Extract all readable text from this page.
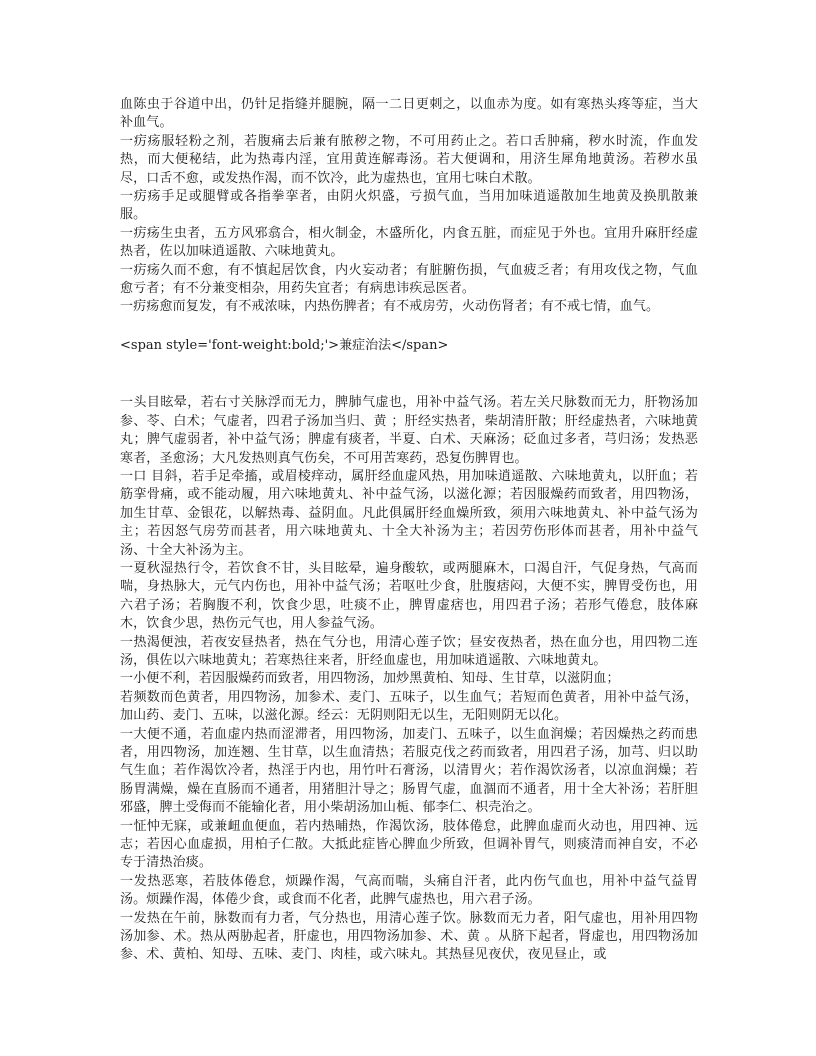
血陈虫于谷道中出，仍针足指缝并腿腕，隔一二日更刺之，以血赤为度。如有寒热头疼等症，当大补血气。

一疠疡服轻粉之剂，若腹痛去后兼有脓秽之物，不可用药止之。若口舌肿痛，秽水时流，作血发热，而大便秘结，此为热毒内淫，宜用黄连解毒汤。若大便调和，用济生犀角地黄汤。若秽水虽尽，口舌不愈，或发热作渴，而不饮冷，此为虚热也，宜用七味白术散。

一疠疡手足或腿臂或各指拳挛者，由阴火炽盛，亏损气血，当用加味逍遥散加生地黄及换肌散兼服。

一疠疡生虫者，五方风邪翕合，相火制金，木盛所化，内食五脏，而症见于外也。宜用升麻肝经虚热者，佐以加味逍遥散、六味地黄丸。

一疠疡久而不愈，有不慎起居饮食，内火妄动者；有脏腑伤损，气血疲乏者；有用攻伐之物，气血愈亏者；有不分兼变相杂，用药失宜者；有病患讳疾忌医者。

一疠疡愈而复发，有不戒浓味，内热伤脾者；有不戒房劳，火动伤肾者；有不戒七情，血气。

<span style='font-weight:bold;'>兼症治法</span>

一头目眩晕，若右寸关脉浮而无力，脾肺气虚也，用补中益气汤。若左关尺脉数而无力，肝物汤加参、苓、白术；气虚者，四君子汤加当归、黄 ；肝经实热者，柴胡清肝散；肝经虚热者，六味地黄丸；脾气虚弱者，补中益气汤；脾虚有痰者，半夏、白术、天麻汤；砭血过多者，芎归汤；发热恶寒者，圣愈汤；大凡发热则真气伤矣，不可用苦寒药，恐复伤脾胃也。

一口 目斜，若手足牵搐，或眉棱痒动，属肝经血虚风热，用加味逍遥散、六味地黄丸，以肝血；若筋挛骨痛，或不能动履，用六味地黄丸、补中益气汤，以滋化源；若因服燥药而致者，用四物汤，加生甘草、金银花，以解热毒、益阴血。凡此俱属肝经血燥所致，须用六味地黄丸、补中益气汤为主；若因怒气房劳而甚者，用六味地黄丸、十全大补汤为主；若因劳伤形体而甚者，用补中益气汤、十全大补汤为主。

一夏秋湿热行令，若饮食不甘，头目眩晕，遍身酸软，或两腿麻木，口渴自汗，气促身热，气高而喘，身热脉大，元气内伤也，用补中益气汤；若呕吐少食，肚腹痞闷，大便不实，脾胃受伤也，用六君子汤；若胸腹不利，饮食少思，吐痰不止，脾胃虚痞也，用四君子汤；若形气倦怠，肢体麻木，饮食少思，热伤元气也，用人参益气汤。

一热渴便浊，若夜安昼热者，热在气分也，用清心莲子饮；昼安夜热者，热在血分也，用四物二连汤，俱佐以六味地黄丸；若寒热往来者，肝经血虚也，用加味逍遥散、六味地黄丸。

一小便不利，若因服燥药而致者，用四物汤，加炒黑黄柏、知母、生甘草，以滋阴血；

若频数而色黄者，用四物汤，加参术、麦门、五味子，以生血气；若短而色黄者，用补中益气汤，加山药、麦门、五味，以滋化源。经云：无阴则阳无以生，无阳则阴无以化。

一大便不通，若血虚内热而涩滞者，用四物汤，加麦门、五味子，以生血润燥；若因燥热之药而患者，用四物汤，加连翘、生甘草，以生血清热；若服克伐之药而致者，用四君子汤，加芎、归以助气生血；若作渴饮冷者，热淫于内也，用竹叶石膏汤，以清胃火；若作渴饮汤者，以凉血润燥；若肠胃满燥，燥在直肠而不通者，用猪胆汁导之；肠胃气虚，血涸而不通者，用十全大补汤；若肝胆邪盛，脾土受侮而不能输化者，用小柴胡汤加山栀、郁李仁、枳壳治之。

一怔忡无寐，或兼衄血便血，若内热晡热，作渴饮汤，肢体倦怠，此脾血虚而火动也，用四神、远志；若因心血虚损，用柏子仁散。大抵此症皆心脾血少所致，但调补胃气，则痰清而神自安，不必专于清热治痰。

一发热恶寒，若肢体倦怠，烦躁作渴，气高而喘，头痛自汗者，此内伤气血也，用补中益气益胃汤。烦躁作渴，体倦少食，或食而不化者，此脾气虚热也，用六君子汤。

一发热在午前，脉数而有力者，气分热也，用清心莲子饮。脉数而无力者，阳气虚也，用补用四物汤加参、术。热从两胁起者，肝虚也，用四物汤加参、术、黄 。从脐下起者，肾虚也，用四物汤加参、术、黄柏、知母、五味、麦门、肉桂，或六味丸。其热昼见夜伏，夜见昼止，或
